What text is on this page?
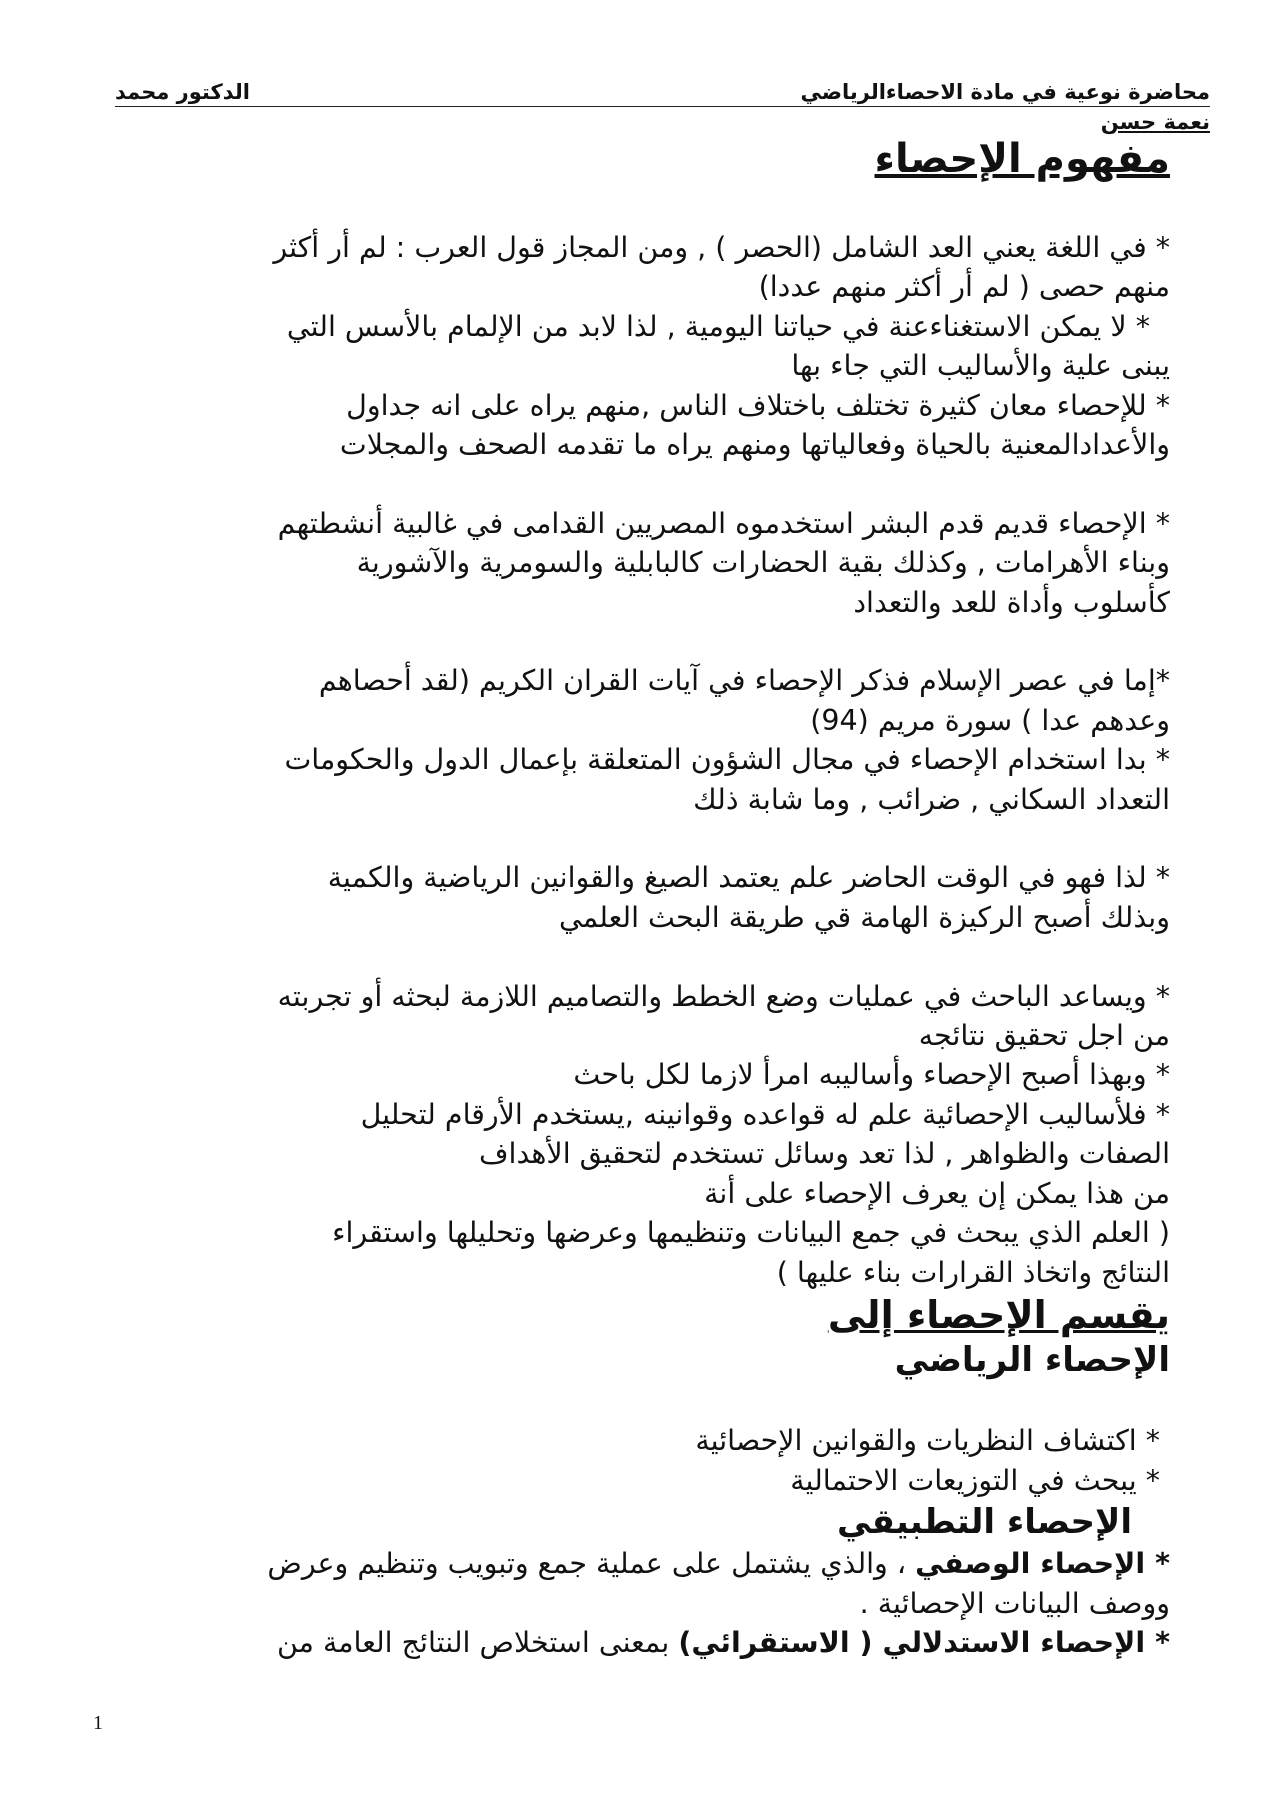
محاضرة نوعية في مادة الاحصاءالرياضي
الدكتور محمد
نعمة حسن
مفهوم الإحصاء

* في اللغة يعني العد الشامل (الحصر ) , ومن المجاز قول العرب : لم أر أكثر

منهم حصى ( لم أر أكثر منهم عددا)

* لا يمكن الاستغناءعنة في حياتنا اليومية , لذا لابد من الإلمام بالأسس التي

يبنى علية والأساليب التي جاء بها

* للإحصاء معان كثيرة تختلف باختلاف الناس ,منهم يراه على انه جداول

والأعدادالمعنية بالحياة وفعالياتها ومنهم يراه ما تقدمه الصحف والمجلات

* الإحصاء قديم قدم البشر استخدموه المصريين القدامى في غالبية أنشطتهم

وبناء الأهرامات , وكذلك بقية الحضارات كالبابلية والسومرية والآشورية

كأسلوب وأداة للعد والتعداد

*إما في عصر الإسلام فذكر الإحصاء في آيات القران الكريم (لقد أحصاهم

وعدهم عدا ) سورة مريم (94)

* بدا استخدام الإحصاء في مجال الشؤون المتعلقة بإعمال الدول والحكومات

التعداد السكاني , ضرائب , وما شابة ذلك

* لذا فهو في الوقت الحاضر علم يعتمد الصيغ والقوانين الرياضية والكمية

وبذلك أصبح الركيزة الهامة قي طريقة البحث العلمي

* ويساعد الباحث في عمليات وضع الخطط والتصاميم اللازمة لبحثه أو تجربته

من اجل تحقيق نتائجه

* وبهذا أصبح الإحصاء وأساليبه امرأ لازما لكل باحث

* فلأساليب الإحصائية علم له قواعده وقوانينه ,يستخدم الأرقام لتحليل

الصفات والظواهر , لذا تعد وسائل تستخدم لتحقيق الأهداف

من هذا يمكن إن يعرف الإحصاء على أنة

( العلم الذي يبحث في جمع البيانات وتنظيمها وعرضها وتحليلها واستقراء

النتائج واتخاذ القرارات بناء عليها )

يقسم الإحصاء إلى

الإحصاء الرياضي

* اكتشاف النظريات والقوانين الإحصائية

* يبحث في التوزيعات الاحتمالية

الإحصاء التطبيقي

* الإحصاء الوصفي ، والذي يشتمل على عملية جمع وتبويب وتنظيم وعرض

ووصف البيانات الإحصائية .

* الإحصاء الاستدلالي ( الاستقرائي) بمعنى استخلاص النتائج العامة من

1
